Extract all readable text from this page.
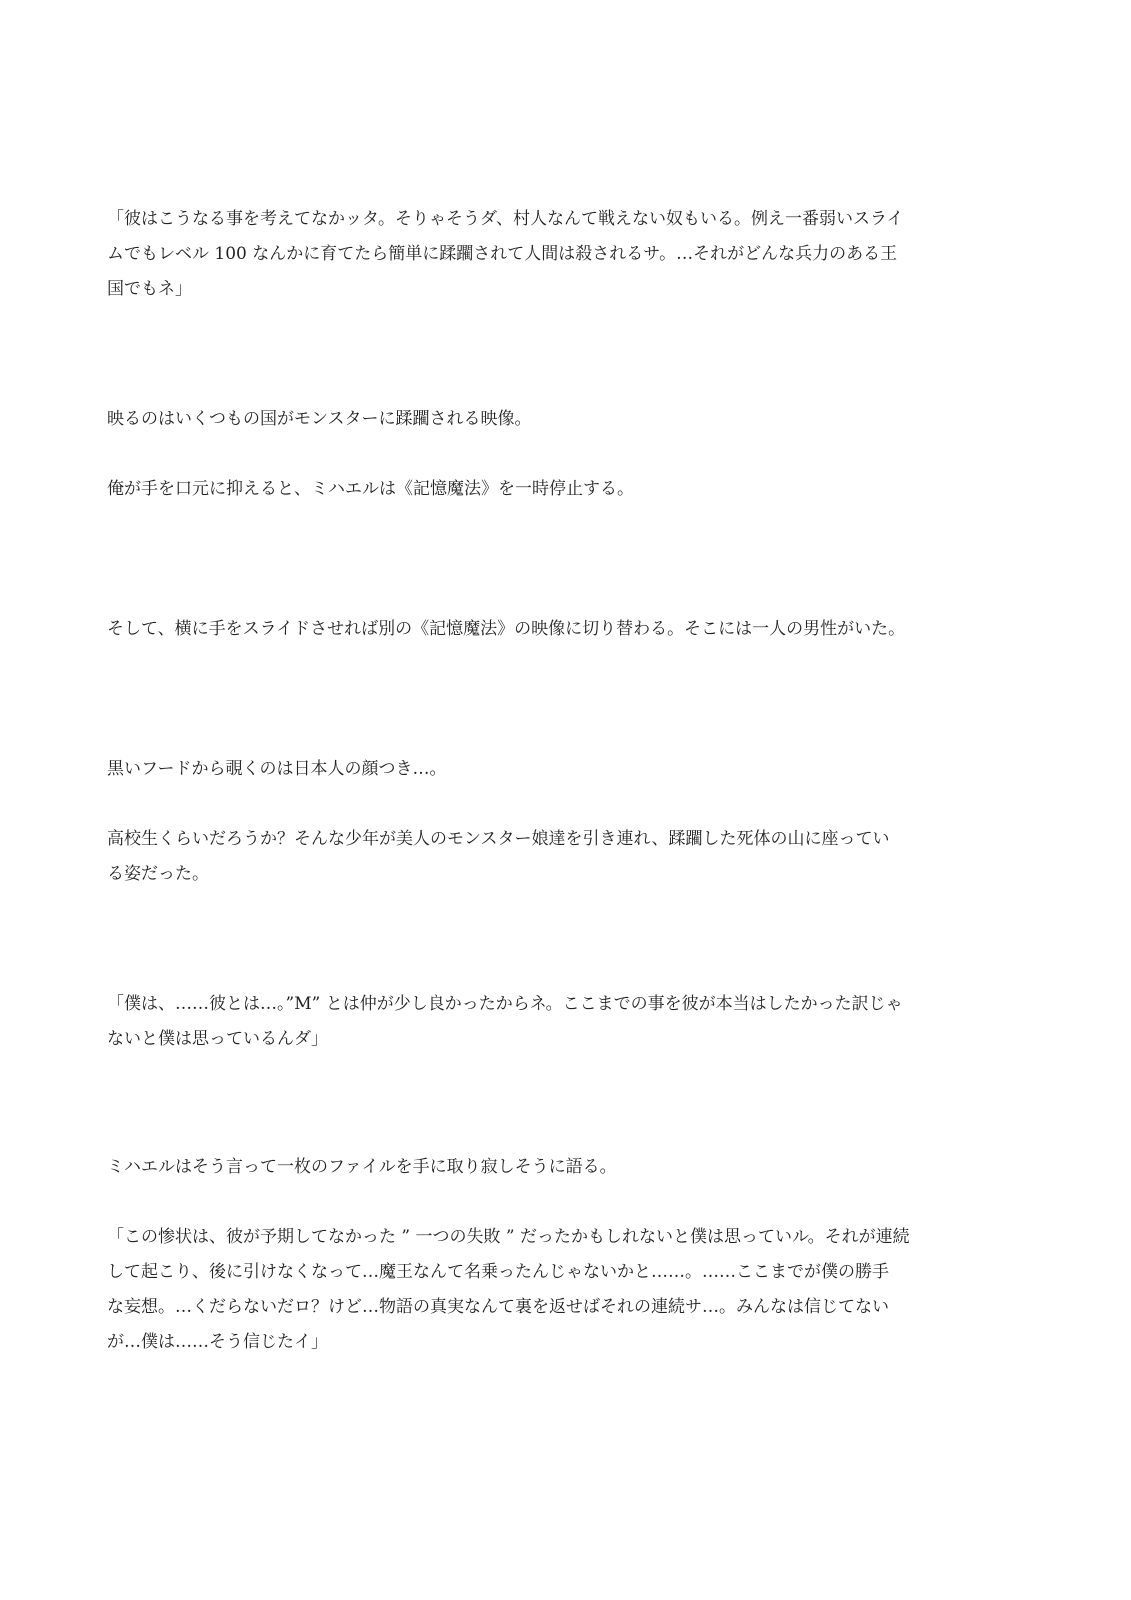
「彼はこうなる事を考えてなかッタ。そりゃそうダ、村人なんて戦えない奴もいる。例え一番弱いスライ
ムでもレベル 100 なんかに育てたら簡単に蹂躙されて人間は殺されるサ。…それがどんな兵力のある王
国でもネ」
映るのはいくつもの国がモンスターに蹂躙される映像。
俺が手を口元に抑えると、ミハエルは《記憶魔法》を一時停止する。
そして、横に手をスライドさせれば別の《記憶魔法》の映像に切り替わる。そこには一人の男性がいた。
黒いフードから覗くのは日本人の顔つき…。
高校生くらいだろうか？そんな少年が美人のモンスター娘達を引き連れ、蹂躙した死体の山に座ってい
る姿だった。
「僕は、……彼とは…。”M” とは仲が少し良かったからネ。ここまでの事を彼が本当はしたかった訳じゃ
ないと僕は思っているんダ」
ミハエルはそう言って一枚のファイルを手に取り寂しそうに語る。
「この惨状は、彼が予期してなかった ” 一つの失敗 ” だったかもしれないと僕は思っていル。それが連続
して起こり、後に引けなくなって…魔王なんて名乗ったんじゃないかと……。……ここまでが僕の勝手
な妄想。…くだらないだロ？けど…物語の真実なんて裏を返せばそれの連続サ…。みんなは信じてない
が…僕は……そう信じたイ」
